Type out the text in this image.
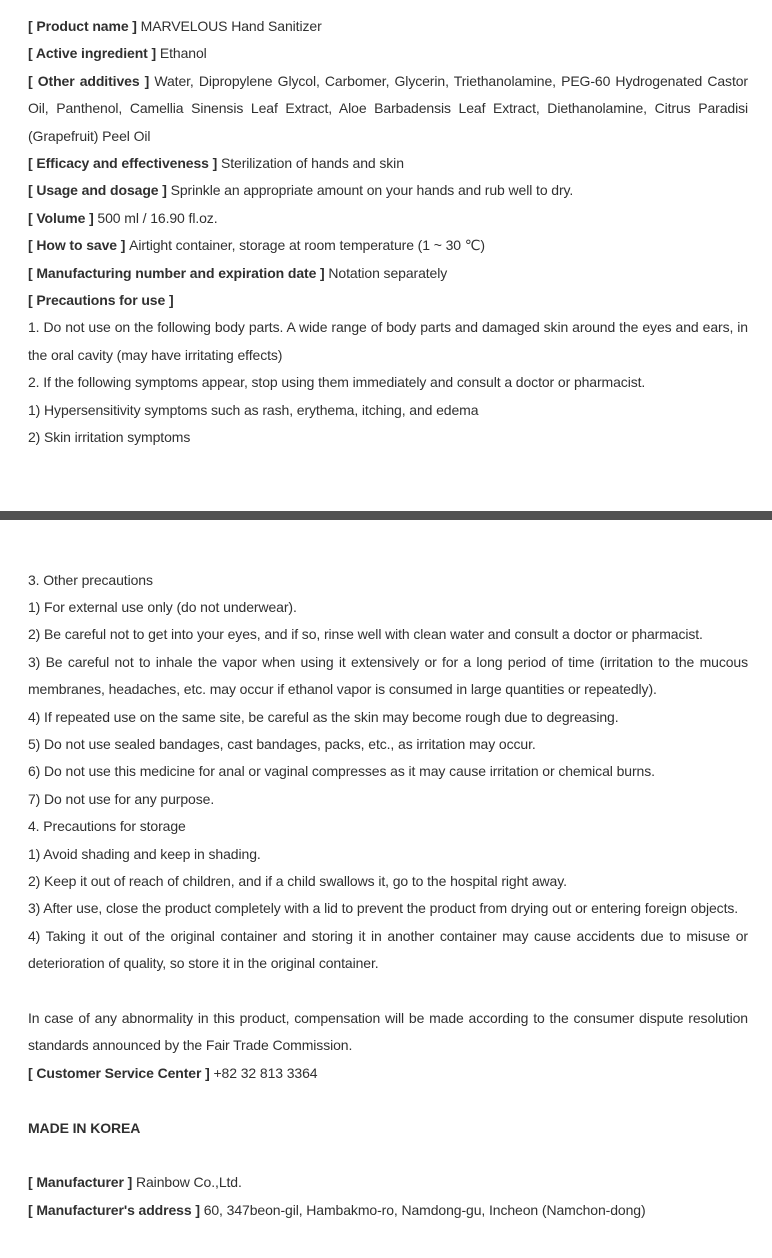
[ Product name ] MARVELOUS Hand Sanitizer

[ Active ingredient ] Ethanol

[ Other additives ] Water, Dipropylene Glycol, Carbomer, Glycerin, Triethanolamine, PEG-60 Hydrogenated Castor Oil, Panthenol, Camellia Sinensis Leaf Extract, Aloe Barbadensis Leaf Extract, Diethanolamine, Citrus Paradisi (Grapefruit) Peel Oil

[ Efficacy and effectiveness ] Sterilization of hands and skin

[ Usage and dosage ] Sprinkle an appropriate amount on your hands and rub well to dry.

[ Volume ] 500 ml / 16.90 fl.oz.

[ How to save ] Airtight container, storage at room temperature (1 ~ 30 ℃)

[ Manufacturing number and expiration date ] Notation separately

[ Precautions for use ]

1. Do not use on the following body parts. A wide range of body parts and damaged skin around the eyes and ears, in the oral cavity (may have irritating effects)

2. If the following symptoms appear, stop using them immediately and consult a doctor or pharmacist.

1) Hypersensitivity symptoms such as rash, erythema, itching, and edema

2) Skin irritation symptoms

3. Other precautions

1) For external use only (do not underwear).

2) Be careful not to get into your eyes, and if so, rinse well with clean water and consult a doctor or pharmacist.

3) Be careful not to inhale the vapor when using it extensively or for a long period of time (irritation to the mucous membranes, headaches, etc. may occur if ethanol vapor is consumed in large quantities or repeatedly).

4) If repeated use on the same site, be careful as the skin may become rough due to degreasing.

5) Do not use sealed bandages, cast bandages, packs, etc., as irritation may occur.

6) Do not use this medicine for anal or vaginal compresses as it may cause irritation or chemical burns.

7) Do not use for any purpose.

4. Precautions for storage

1) Avoid shading and keep in shading.

2) Keep it out of reach of children, and if a child swallows it, go to the hospital right away.

3) After use, close the product completely with a lid to prevent the product from drying out or entering foreign objects.

4) Taking it out of the original container and storing it in another container may cause accidents due to misuse or deterioration of quality, so store it in the original container.

In case of any abnormality in this product, compensation will be made according to the consumer dispute resolution standards announced by the Fair Trade Commission.

[ Customer Service Center ] +82 32 813 3364

MADE IN KOREA

[ Manufacturer ] Rainbow Co.,Ltd.

[ Manufacturer's address ] 60, 347beon-gil, Hambakmo-ro, Namdong-gu, Incheon (Namchon-dong)
